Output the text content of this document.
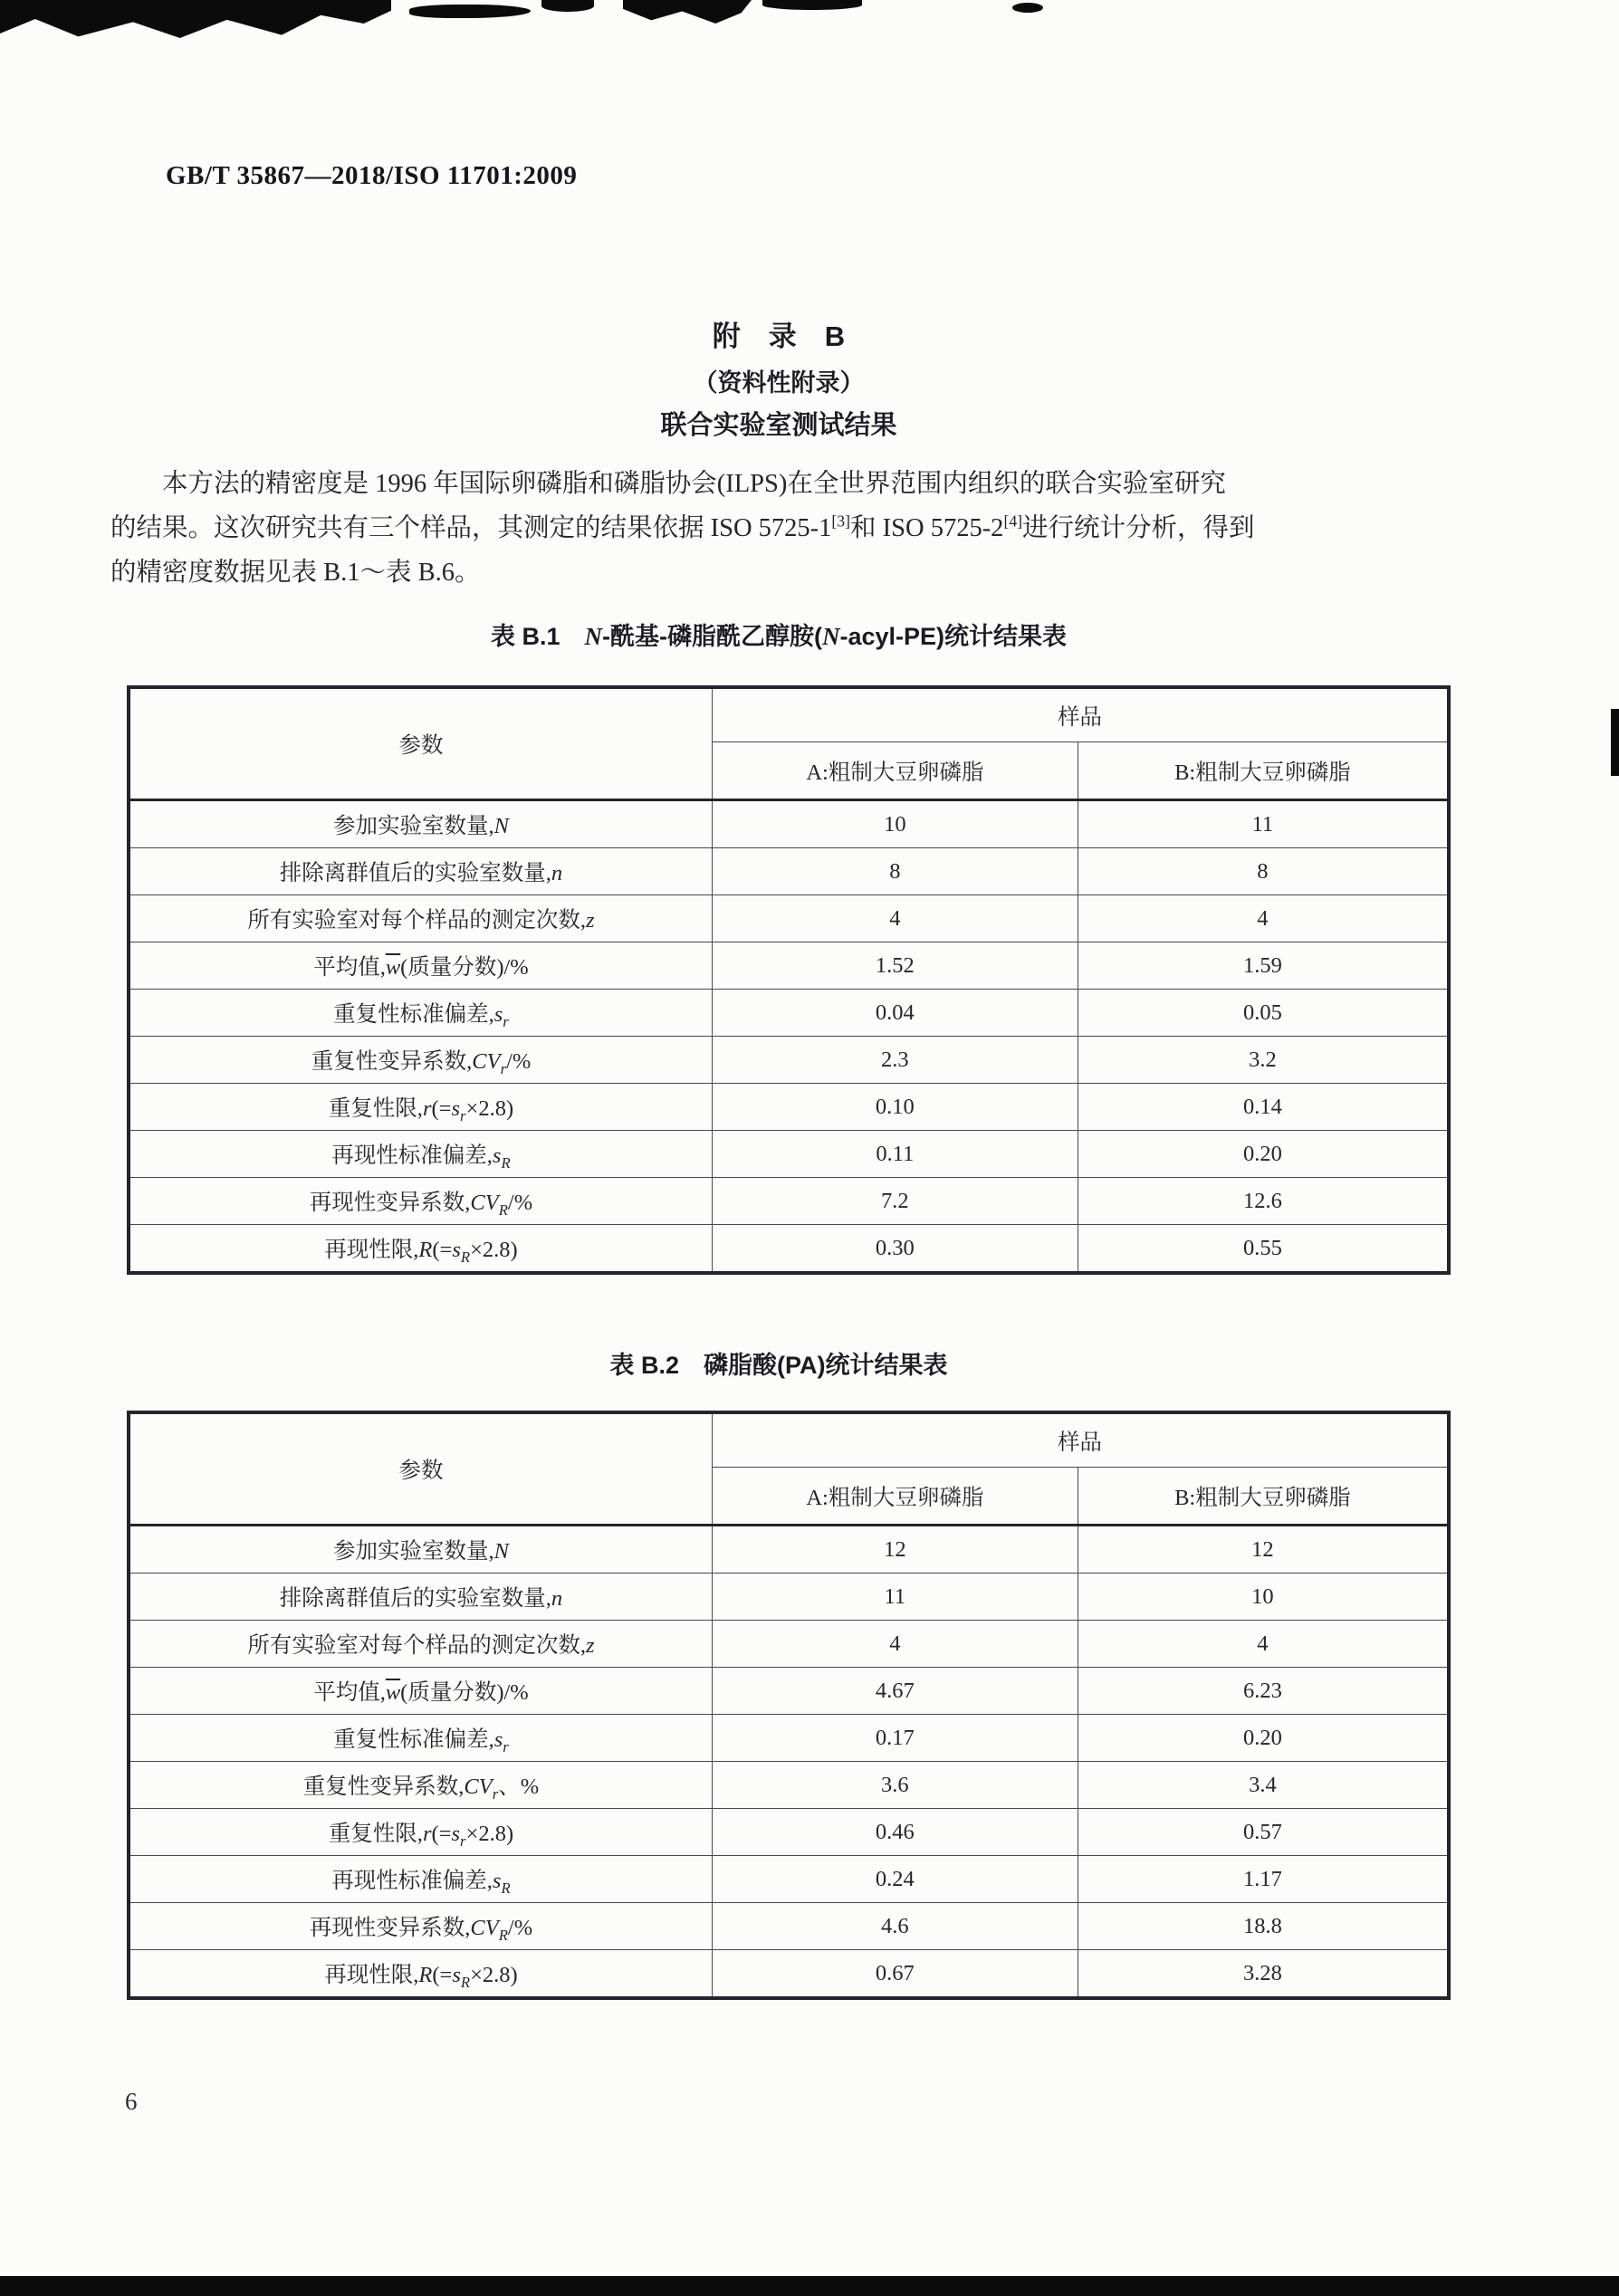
GB/T 35867—2018/ISO 11701:2009
附　录　B
（资料性附录）
联合实验室测试结果
本方法的精密度是 1996 年国际卵磷脂和磷脂协会(ILPS)在全世界范围内组织的联合实验室研究
的结果。这次研究共有三个样品，其测定的结果依据 ISO 5725-1[3]和 ISO 5725-2[4]进行统计分析，得到
的精密度数据见表 B.1～表 B.6。
表 B.1　N-酰基-磷脂酰乙醇胺(N-acyl-PE)统计结果表
参数	样品	
	A:粗制大豆卵磷脂	B:粗制大豆卵磷脂
参加实验室数量,N	10	11
排除离群值后的实验室数量,n	8	8
所有实验室对每个样品的测定次数,z	4	4
平均值$,\overline{w}$(质量分数)/%	1.52	1.59
重复性标准偏差$,s_r$	0.04	0.05
重复性变异系数$,CV_r/\%$	2.3	3.2
重复性限$,r(=s_r\times 2.8)$	0.10	0.14
再现性标准偏差$,s_R$	0.11	0.20
再现性变异系数$,CV_R/\%$	7.2	12.6
再现性限$,R(=s_R\times 2.8)$	0.30	0.55
表 B.2　磷脂酸(PA)统计结果表
参数	样品	
	A:粗制大豆卵磷脂	B:粗制大豆卵磷脂
参加实验室数量,N	12	12
排除离群值后的实验室数量,n	11	10
所有实验室对每个样品的测定次数,z	4	4
平均值$,\overline{w}$(质量分数)/%	4.67	6.23
重复性标准偏差$,s_r$	0.17	0.20
重复性变异系数$,CV_r$、%	3.6	3.4
重复性限$,r(=s_r\times 2.8)$	0.46	0.57
再现性标准偏差$,s_R$	0.24	1.17
再现性变异系数$,CV_R/\%$	4.6	18.8
再现性限$,R(=s_R\times 2.8)$	0.67	3.28
6
